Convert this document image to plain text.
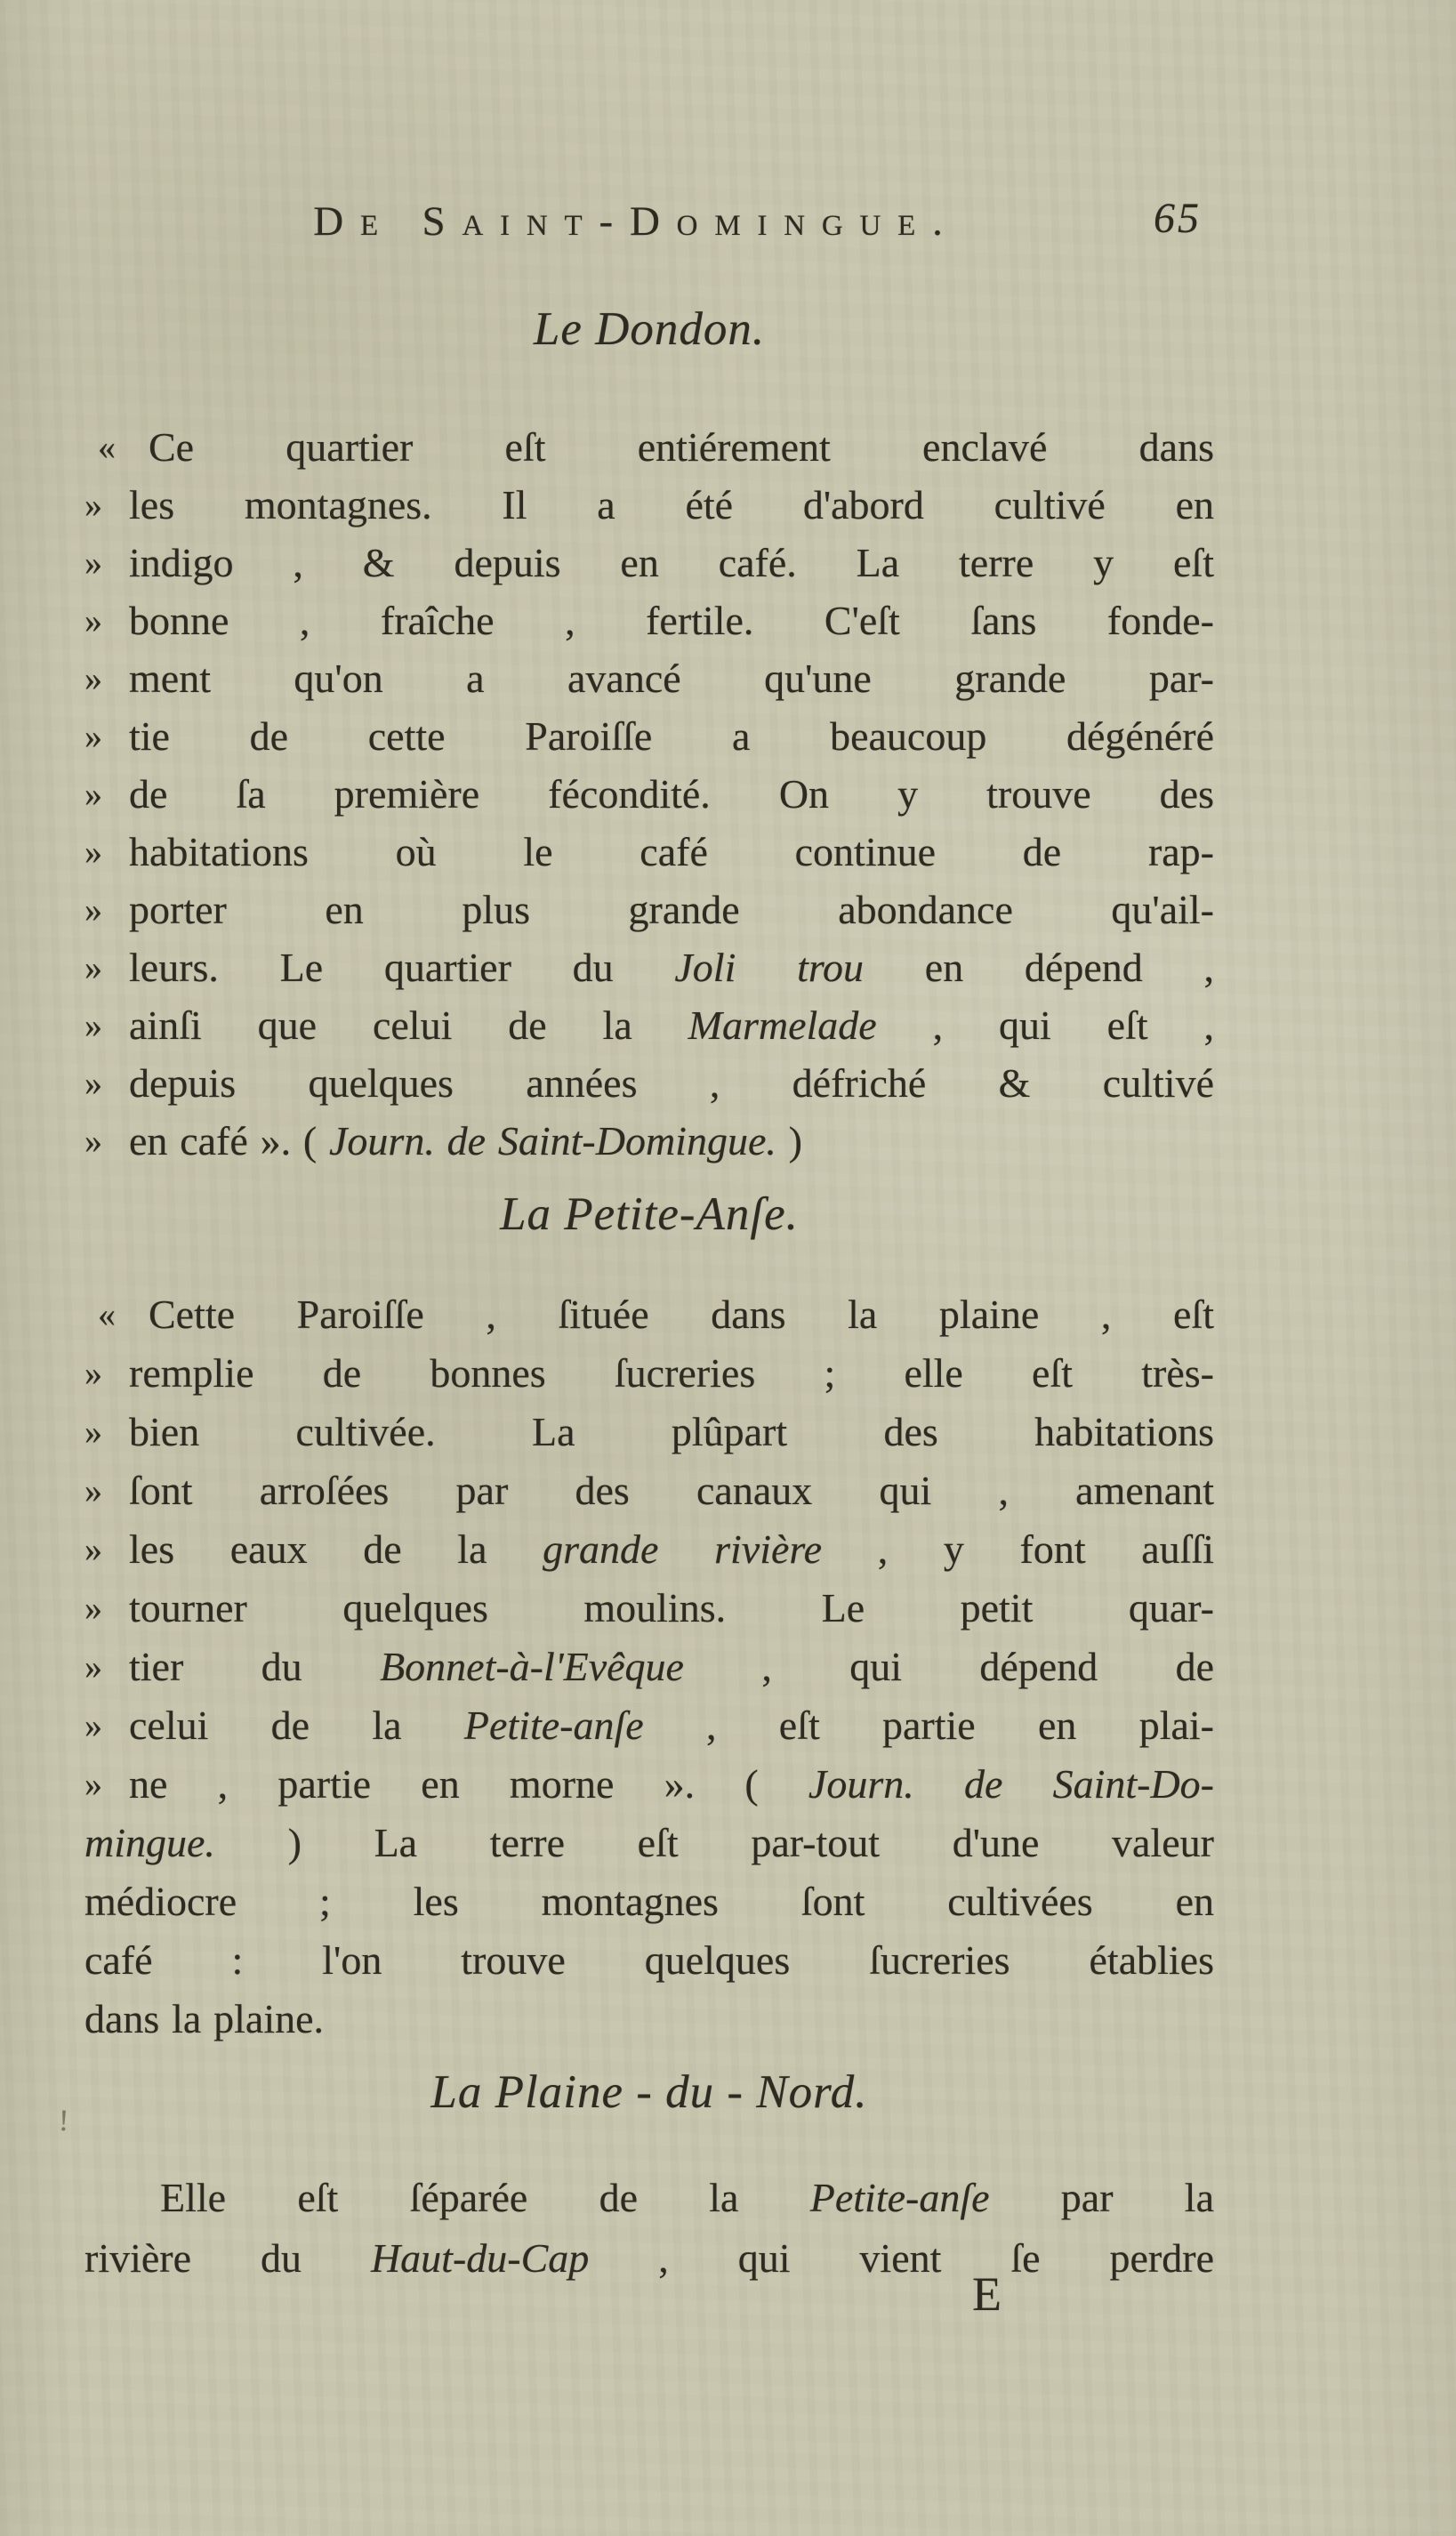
De Saint-Domingue.	65
Le Dondon.
« Ce quartier eſt entiérement enclavé dans
» les montagnes. Il a été d'abord cultivé en
» indigo , & depuis en café. La terre y eſt
» bonne , fraîche , fertile. C'eſt ſans fonde-
» ment qu'on a avancé qu'une grande par-
» tie de cette Paroiſſe a beaucoup dégénéré
» de ſa première fécondité. On y trouve des
» habitations où le café continue de rap-
» porter en plus grande abondance qu'ail-
» leurs. Le quartier du Joli trou en dépend ,
» ainſi que celui de la Marmelade , qui eſt ,
» depuis quelques années , défriché & cultivé
» en café ». ( Journ. de Saint-Domingue. )
La Petite-Anſe.
« Cette Paroiſſe , ſituée dans la plaine , eſt
» remplie de bonnes ſucreries ; elle eſt très-
» bien cultivée. La plûpart des habitations
» ſont arroſées par des canaux qui , amenant
» les eaux de la grande rivière , y font auſſi
» tourner quelques moulins. Le petit quar-
» tier du Bonnet-à-l'Evêque , qui dépend de
» celui de la Petite-anſe , eſt partie en plai-
» ne , partie en morne ». ( Journ. de Saint-Do-
mingue. ) La terre eſt par-tout d'une valeur
médiocre ; les montagnes ſont cultivées en
café : l'on trouve quelques ſucreries établies
dans la plaine.
La Plaine - du - Nord.
Elle eſt ſéparée de la Petite-anſe par la
rivière du Haut-du-Cap , qui vient ſe perdre
!
E
